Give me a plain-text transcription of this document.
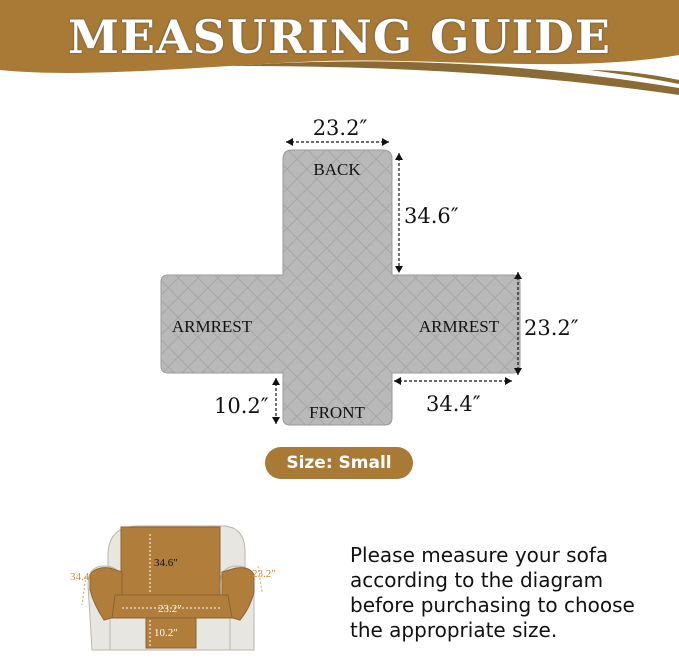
MEASURING GUIDE
23.2″
34.6″
23.2″
34.4″
10.2″
BACK
ARMREST	ARMREST
FRONT
34.6″
34.4″	23.2″
23.2″
10.2″
Size: Small
Please measure your sofa according to the diagram before purchasing to choose the appropriate size.
